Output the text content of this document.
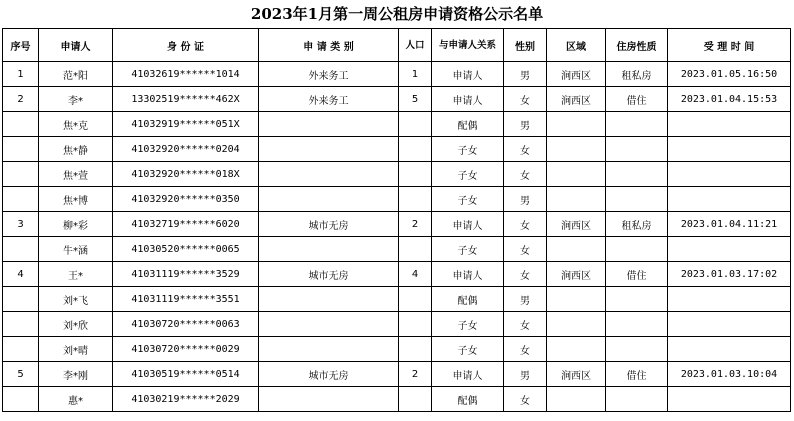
2023年1月第一周公租房申请资格公示名单
序号	申请人	身 份 证	申 请 类 别	人口	与申请人关系	性别	区域	住房性质	受 理 时 间
1	范*阳	41032619******1014	外来务工	1	申请人	男	涧西区	租私房	2023.01.05.16:50
2	李*	13302519******462X	外来务工	5	申请人	女	涧西区	借住	2023.01.04.15:53
	焦*克	41032919******051X			配偶	男			
	焦*静	41032920******0204			子女	女			
	焦*萱	41032920******018X			子女	女			
	焦*博	41032920******0350			子女	男			
3	柳*彩	41032719******6020	城市无房	2	申请人	女	涧西区	租私房	2023.01.04.11:21
	牛*涵	41030520******0065			子女	女			
4	王*	41031119******3529	城市无房	4	申请人	女	涧西区	借住	2023.01.03.17:02
	刘*飞	41031119******3551			配偶	男			
	刘*欣	41030720******0063			子女	女			
	刘*晴	41030720******0029			子女	女			
5	李*刚	41030519******0514	城市无房	2	申请人	男	涧西区	借住	2023.01.03.10:04
	惠*	41030219******2029			配偶	女			
